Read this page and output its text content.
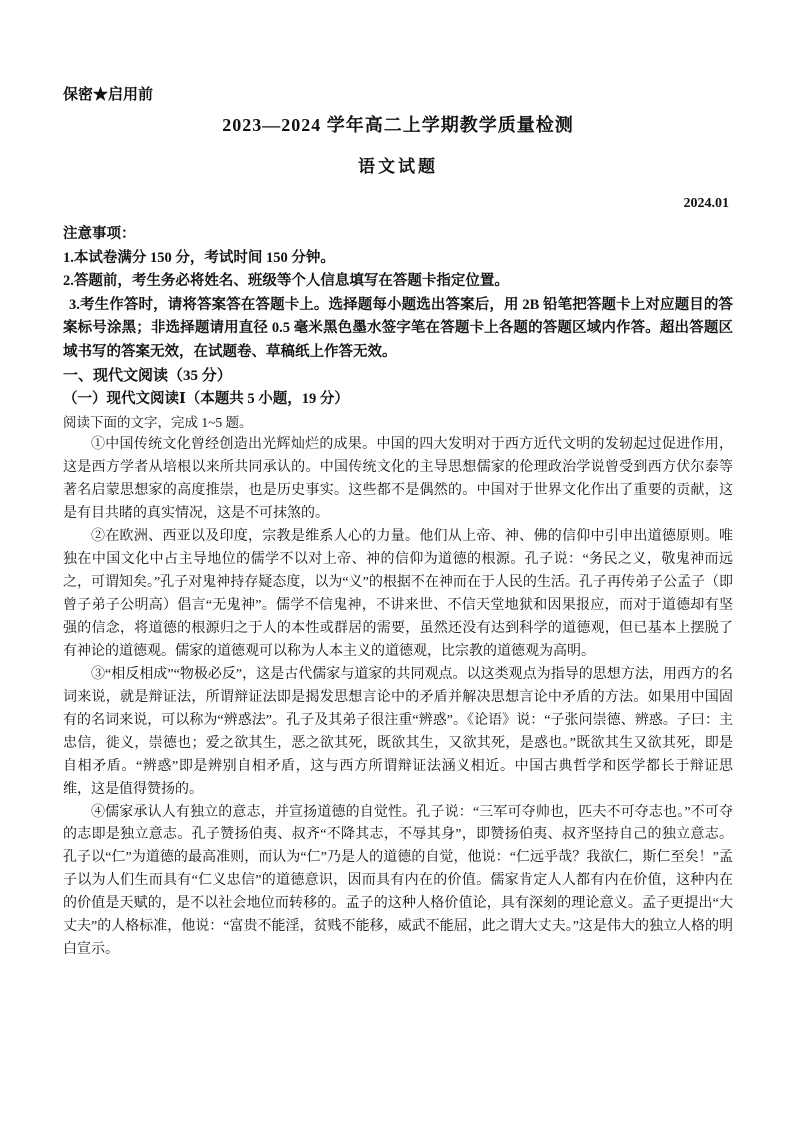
保密★启用前
2023—2024 学年高二上学期教学质量检测
语文试题
2024.01
注意事项：
1.本试卷满分 150 分，考试时间 150 分钟。
2.答题前，考生务必将姓名、班级等个人信息填写在答题卡指定位置。
3.考生作答时，请将答案答在答题卡上。选择题每小题选出答案后，用 2B 铅笔把答题卡上对应题目的答案标号涂黑；非选择题请用直径 0.5 毫米黑色墨水签字笔在答题卡上各题的答题区域内作答。超出答题区域书写的答案无效，在试题卷、草稿纸上作答无效。
一、现代文阅读（35 分）
（一）现代文阅读Ⅰ（本题共 5 小题，19 分）
阅读下面的文字，完成 1~5 题。

①中国传统文化曾经创造出光辉灿烂的成果。中国的四大发明对于西方近代文明的发轫起过促进作用，这是西方学者从培根以来所共同承认的。中国传统文化的主导思想儒家的伦理政治学说曾受到西方伏尔泰等著名启蒙思想家的高度推崇，也是历史事实。这些都不是偶然的。中国对于世界文化作出了重要的贡献，这是有目共睹的真实情况，这是不可抹煞的。

②在欧洲、西亚以及印度，宗教是维系人心的力量。他们从上帝、神、佛的信仰中引申出道德原则。唯独在中国文化中占主导地位的儒学不以对上帝、神的信仰为道德的根源。孔子说：“务民之义，敬鬼神而远之，可谓知矣。”孔子对鬼神持存疑态度，以为“义”的根据不在神而在于人民的生活。孔子再传弟子公孟子（即曾子弟子公明高）倡言“无鬼神”。儒学不信鬼神，不讲来世、不信天堂地狱和因果报应，而对于道德却有坚强的信念，将道德的根源归之于人的本性或群居的需要，虽然还没有达到科学的道德观，但已基本上摆脱了有神论的道德观。儒家的道德观可以称为人本主义的道德观，比宗教的道德观为高明。

③“相反相成”“物极必反”，这是古代儒家与道家的共同观点。以这类观点为指导的思想方法，用西方的名词来说，就是辩证法，所谓辩证法即是揭发思想言论中的矛盾并解决思想言论中矛盾的方法。如果用中国固有的名词来说，可以称为“辨惑法”。孔子及其弟子很注重“辨惑”。《论语》说：“子张问崇德、辨惑。子曰：主忠信，徙义，崇德也；爱之欲其生，恶之欲其死，既欲其生，又欲其死，是惑也。”既欲其生又欲其死，即是自相矛盾。“辨惑”即是辨别自相矛盾，这与西方所谓辩证法涵义相近。中国古典哲学和医学都长于辩证思维，这是值得赞扬的。

④儒家承认人有独立的意志，并宣扬道德的自觉性。孔子说：“三军可夺帅也，匹夫不可夺志也。”不可夺的志即是独立意志。孔子赞扬伯夷、叔齐“不降其志，不辱其身”，即赞扬伯夷、叔齐坚持自己的独立意志。孔子以“仁”为道德的最高准则，而认为“仁”乃是人的道德的自觉，他说：“仁远乎哉？我欲仁，斯仁至矣！”孟子以为人们生而具有“仁义忠信”的道德意识，因而具有内在的价值。儒家肯定人人都有内在价值，这种内在的价值是天赋的，是不以社会地位而转移的。孟子的这种人格价值论，具有深刻的理论意义。孟子更提出“大丈夫”的人格标准，他说：“富贵不能淫，贫贱不能移，威武不能屈，此之谓大丈夫。”这是伟大的独立人格的明白宣示。
